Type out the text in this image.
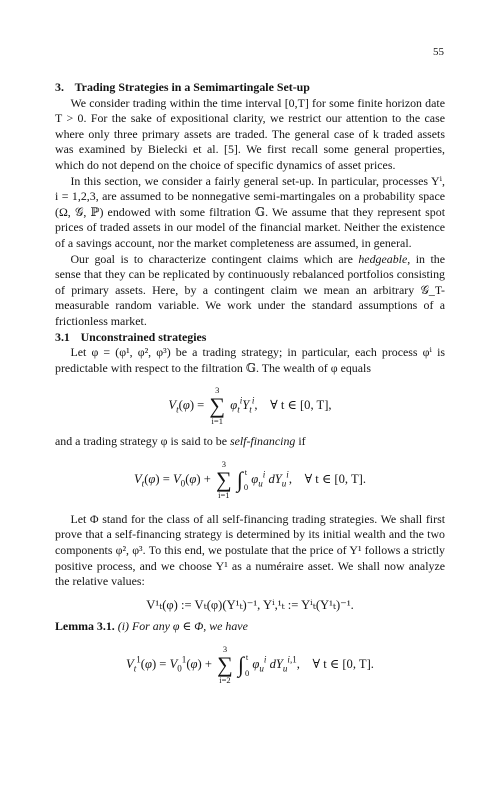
55

3. Trading Strategies in a Semimartingale Set-up

We consider trading within the time interval [0,T] for some finite horizon date T > 0. For the sake of expositional clarity, we restrict our attention to the case where only three primary assets are traded. The general case of k traded assets was examined by Bielecki et al. [5]. We first recall some general properties, which do not depend on the choice of specific dynamics of asset prices.

In this section, we consider a fairly general set-up. In particular, processes Yⁱ, i = 1,2,3, are assumed to be nonnegative semi-martingales on a probability space (Ω, 𝒢, ℙ) endowed with some filtration 𝔾. We assume that they represent spot prices of traded assets in our model of the financial market. Neither the existence of a savings account, nor the market completeness are assumed, in general.

Our goal is to characterize contingent claims which are hedgeable, in the sense that they can be replicated by continuously rebalanced portfolios consisting of primary assets. Here, by a contingent claim we mean an arbitrary 𝒢_T-measurable random variable. We work under the standard assumptions of a frictionless market.

3.1 Unconstrained strategies

Let φ = (φ¹, φ², φ³) be a trading strategy; in particular, each process φⁱ is predictable with respect to the filtration 𝔾. The wealth of φ equals

$V_t(\varphi)$ =
3
∑
i=1
$\varphi_t^iY_t^i$,    ∀ t ∈ [0, T],

and a trading strategy φ is said to be self-financing if

$V_t(\varphi) = V_0(\varphi)$ +
3
∑
i=1

∫ t
0
$\varphi_u^i$ $dY_u^i$,    ∀ t ∈ [0, T].

Let Φ stand for the class of all self-financing trading strategies. We shall first prove that a self-financing strategy is determined by its initial wealth and the two components φ², φ³. To this end, we postulate that the price of Y¹ follows a strictly positive process, and we choose Y¹ as a numéraire asset. We shall now analyze the relative values:

V¹ₜ(φ) := Vₜ(φ)(Y¹ₜ)⁻¹, Yⁱ,¹ₜ := Yⁱₜ(Y¹ₜ)⁻¹.

Lemma 3.1. (i) For any φ ∈ Φ, we have

$V_t^1(\varphi) = V_0^1(\varphi)$ +
3
∑
i=2

∫ t
0
$\varphi_u^i$ $dY_u^{i,1}$,    ∀ t ∈ [0, T].
